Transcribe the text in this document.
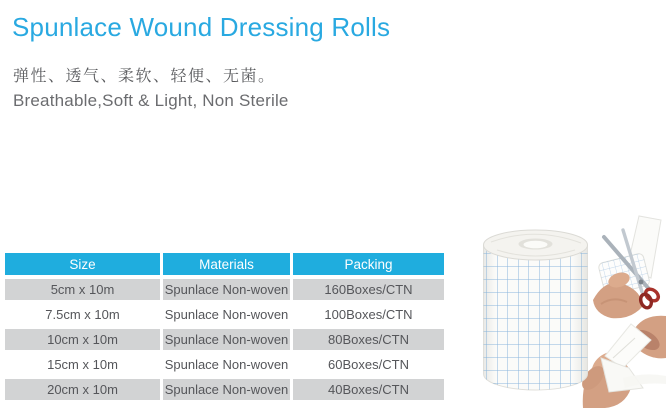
Spunlace Wound Dressing Rolls
弹性、透气、柔软、轻便、无菌。
Breathable,Soft & Light, Non Sterile
Size	Materials	Packing
5cm x 10m	Spunlace Non-woven	160Boxes/CTN
7.5cm x 10m	Spunlace Non-woven	100Boxes/CTN
10cm x 10m	Spunlace Non-woven	80Boxes/CTN
15cm x 10m	Spunlace Non-woven	60Boxes/CTN
20cm x 10m	Spunlace Non-woven	40Boxes/CTN
